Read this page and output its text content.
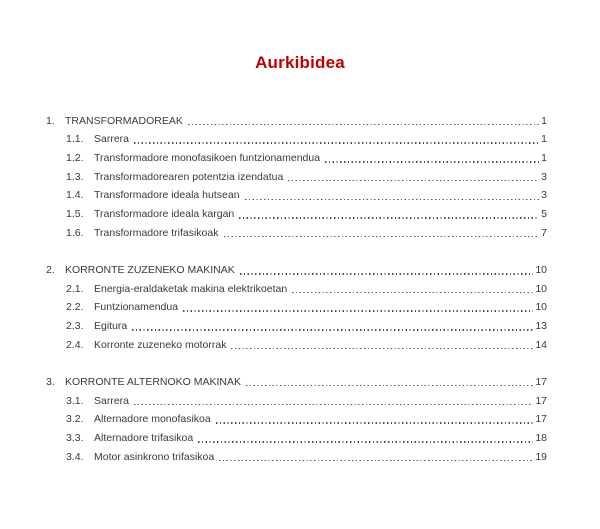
Aurkibidea
1. TRANSFORMADOREAK	1
1.1. Sarrera	1
1.2. Transformadore monofasikoen funtzionamendua	1
1.3. Transformadorearen potentzia izendatua	3
1.4. Transformadore ideala hutsean	3
1.5. Transformadore ideala kargan	5
1.6. Transformadore trifasikoak	7
2. KORRONTE ZUZENEKO MAKINAK	10
2.1. Energia-eraldaketak makina elektrikoetan	10
2.2. Funtzionamendua	10
2.3. Egitura	13
2.4. Korronte zuzeneko motorrak	14
3. KORRONTE ALTERNOKO MAKINAK	17
3.1. Sarrera	17
3.2. Alternadore monofasikoa	17
3.3. Alternadore trifasikoa	18
3.4. Motor asinkrono trifasikoa	19
